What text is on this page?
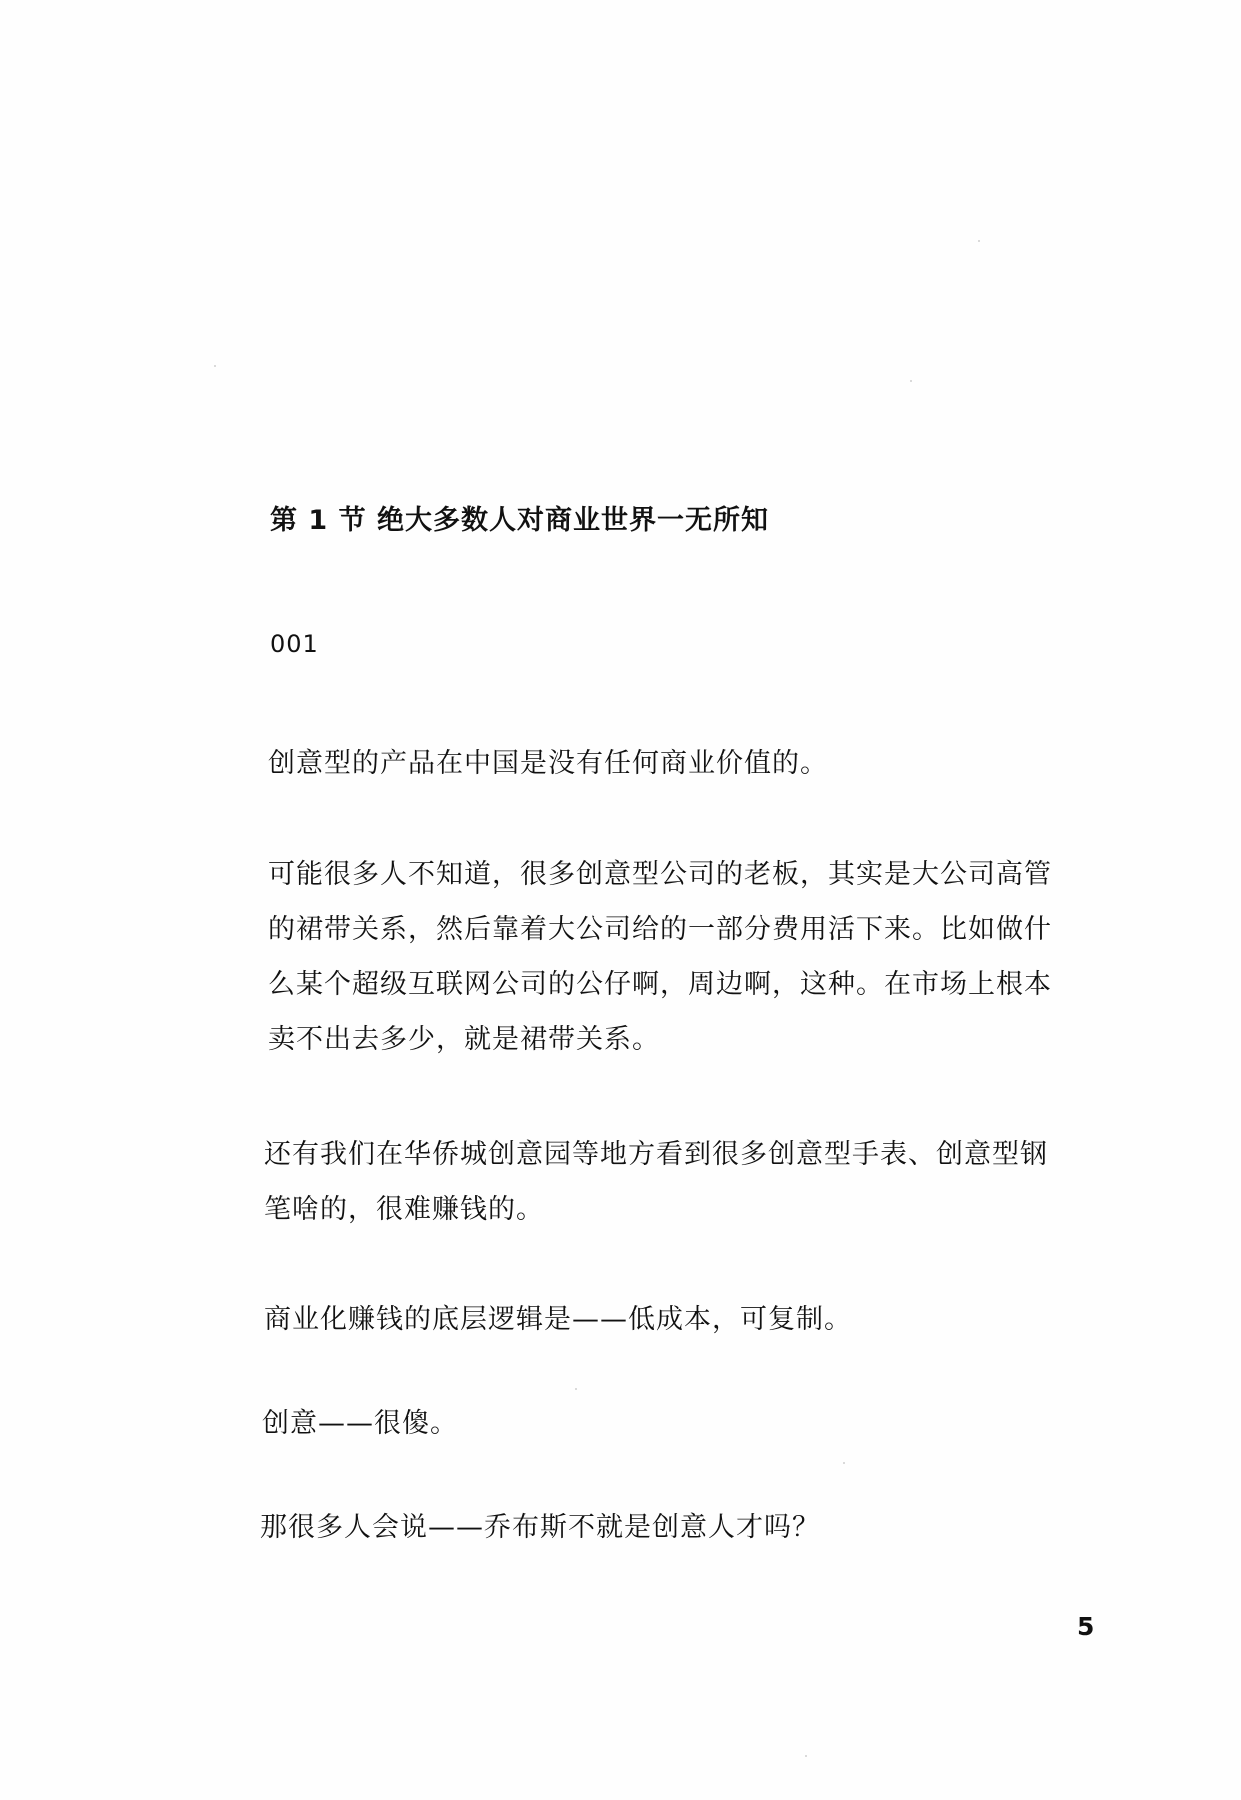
第 1 节 绝大多数人对商业世界一无所知
001
创意型的产品在中国是没有任何商业价值的。
可能很多人不知道，很多创意型公司的老板，其实是大公司高管
的裙带关系，然后靠着大公司给的一部分费用活下来。比如做什
么某个超级互联网公司的公仔啊，周边啊，这种。在市场上根本
卖不出去多少，就是裙带关系。
还有我们在华侨城创意园等地方看到很多创意型手表、创意型钢
笔啥的，很难赚钱的。
商业化赚钱的底层逻辑是——低成本，可复制。
创意——很傻。
那很多人会说——乔布斯不就是创意人才吗？
5
